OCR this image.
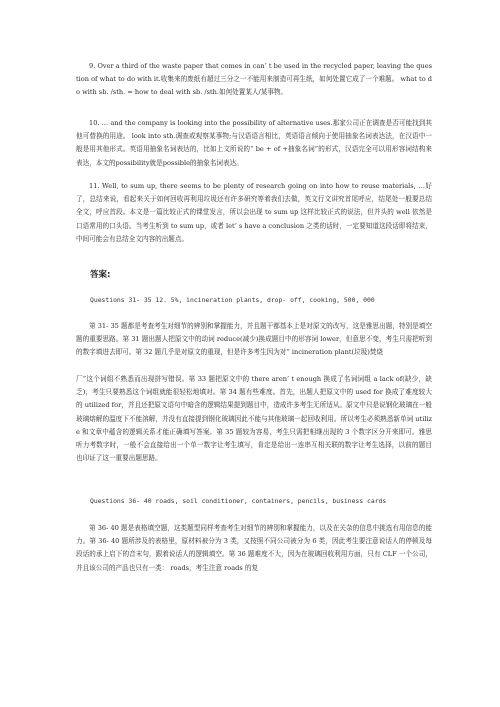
9. Over a third of the waste paper that comes in can’ t be used in the recycled paper, leaving the question of what to do with it.收集来的废纸有超过三分之一不能用来制造可再生纸，如何处置它成了一个难题。 what to do with sb. /sth. = how to deal with sb. /sth.如何处置某人/某事物。

10. … and the company is looking into the possibility of alternative uses.那家公司正在调查是否可能找到其他可替换的用途。 look into sth.调查或观察某事物;与汉语语言相比，英语语言倾向于使用抽象名词表达法，在汉语中一般是用其他形式。英语用抽象名词表达的，比如上文所说的“ be + of +抽象名词”的形式，汉语完全可以用形容词结构来表达，本文的possibility就是possible的抽象名词表达。

11. Well, to sum up, there seems to be plenty of research going on into how to reuse materials, …好了，总结来说，看起来关于如何回收再利用垃圾还有许多研究等着我们去做，英文行文讲究首尾呼应，结尾处一般要总结全文，呼应首段。本文是一篇比较正式的课堂发言，所以会出现 to sum up 这样比较正式的说法，但并头的 well 依然是口语常用的口头语。当考生听到 to sum up，或者 let’ s have a conclusion 之类的话时，一定要知道这段话即将结束，中间可能会有总结全文内容的出题点。

答案:

Questions 31- 35 12. 5%, incineration plants, drop- off, cooking, 500, 000

第 31- 35 题都是考查考生对细节的辨别和掌握能力，并且题干都基本上是对原文的改写，这是雅思出题，特别是填空题的重要思路。第 31 题出题人把原文中的动词 reduce(减少)换成题目中的形容词 lower，但意思不变，考生只需把听到的数字填进去即可。第 32 题几乎是对原文的重现，但是许多考生因为对“ incineration plant(垃圾)焚烧

厂”这个词组不熟悉而出现拼写错误。第 33 题把原文中的 there aren’ t enough 换成了名词词组 a lack of(缺少，缺乏)，考生只要熟悉这个词组就能很轻松地填对。第 34 题有些难度。首先，出题人把原文中的 used for 换成了难度较大的 utilized for，并且还把原文语句中暗含的逻辑结果提到题目中，造成许多考生无所适从。原文中只是说钢化玻璃在一般玻璃熔解的温度下不能溶解，并没有直接提到钢化玻璃因此不能与其他玻璃一起回收利用。所以考生必须熟悉新单词 utilize 和文章中蕴含的逻辑关系才能正确填写答案。第 35 题较为容易，考生只需把相继出现的 3 个数字区分开来即可。雅思听力考数字时，一般不会直接给出一个单一数字让考生填写，肯定是给出一连串互相关联的数字让考生选择，以前的题目也印证了这一重要出题思路。

Questions 36- 40 roads, soil conditioner, containers, pencils, business cards

第 36- 40 题是表格填空题，这类题型同样考查考生对细节的辨别和掌握能力，以及在关杂的信息中挑选有用信息的能力。第 36- 40 题所涉及的表格里，原材料被分为 3 类，又按照不同公司被分为 6 类，因此考生要注意说话人的停顿及每段话的承上启下的音末句，跟着说话人的逻辑填空。第 36 题难度不大，因为在玻璃回收利用方面，只有 CLF 一个公司，并且该公司的产品也只有一类： roads，考生注意 roads 的复
